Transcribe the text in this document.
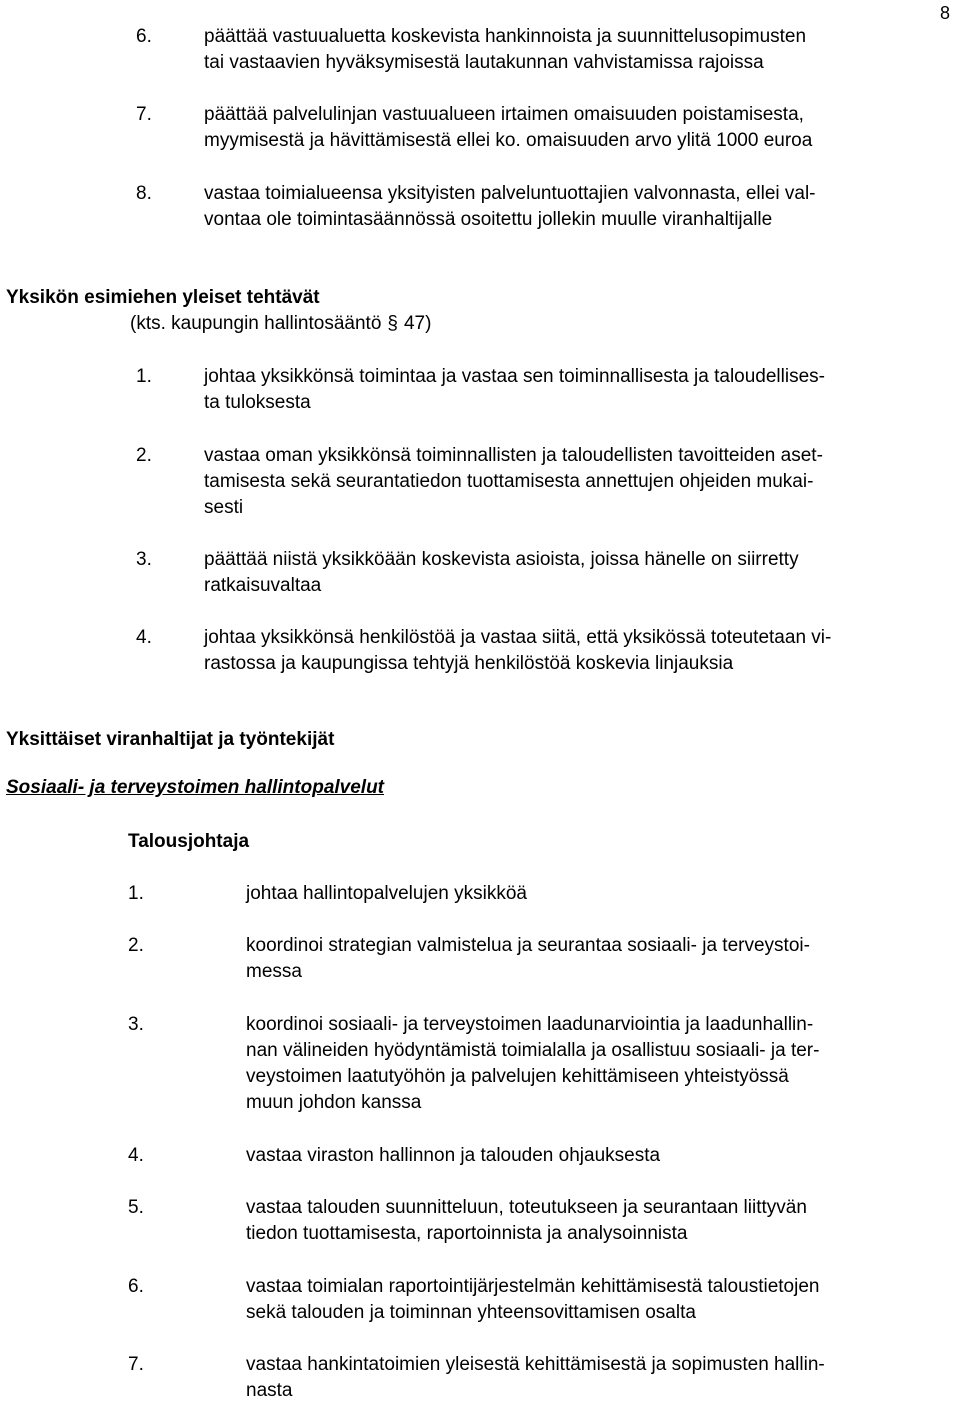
8
6.	päättää vastuualuetta koskevista hankinnoista ja suunnittelusopimusten
tai vastaavien hyväksymisestä lautakunnan vahvistamissa rajoissa
7.	päättää palvelulinjan vastuualueen irtaimen omaisuuden poistamisesta,
myymisestä ja hävittämisestä ellei ko. omaisuuden arvo ylitä 1000 euroa
8.	vastaa toimialueensa yksityisten palveluntuottajien valvonnasta, ellei val-
vontaa ole toimintasäännössä osoitettu jollekin muulle viranhaltijalle
Yksikön esimiehen yleiset tehtävät
(kts. kaupungin hallintosääntö § 47)
1.	johtaa yksikkönsä toimintaa ja vastaa sen toiminnallisesta ja taloudellises-
ta tuloksesta
2.	vastaa oman yksikkönsä toiminnallisten ja taloudellisten tavoitteiden aset-
tamisesta sekä seurantatiedon tuottamisesta annettujen ohjeiden mukai-
sesti
3.	päättää niistä yksikköään koskevista asioista, joissa hänelle on siirretty
ratkaisuvaltaa
4.	johtaa yksikkönsä henkilöstöä ja vastaa siitä, että yksikössä toteutetaan vi-
rastossa ja kaupungissa tehtyjä henkilöstöä koskevia linjauksia
Yksittäiset viranhaltijat ja työntekijät
Sosiaali- ja terveystoimen hallintopalvelut
Talousjohtaja
1.	johtaa hallintopalvelujen yksikköä
2.	koordinoi strategian valmistelua ja seurantaa sosiaali- ja terveystoi-
messa
3.	koordinoi sosiaali- ja terveystoimen laadunarviointia ja laadunhallin-
nan välineiden hyödyntämistä toimialalla ja osallistuu sosiaali- ja ter-
veystoimen laatutyöhön ja palvelujen kehittämiseen yhteistyössä
muun johdon kanssa
4.	vastaa viraston hallinnon ja talouden ohjauksesta
5.	vastaa talouden suunnitteluun, toteutukseen ja seurantaan liittyvän
tiedon tuottamisesta, raportoinnista ja analysoinnista
6.	vastaa toimialan raportointijärjestelmän kehittämisestä taloustietojen
sekä talouden ja toiminnan yhteensovittamisen osalta
7.	vastaa hankintatoimien yleisestä kehittämisestä ja sopimusten hallin-
nasta
